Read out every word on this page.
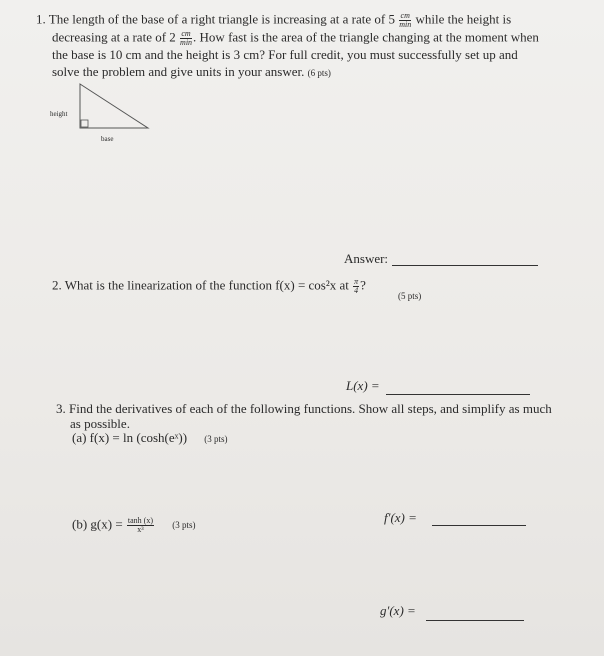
1. The length of the base of a right triangle is increasing at a rate of $5 \frac{cm}{\min}$ while the height is
decreasing at a rate of $2 \frac{cm}{\min}$ . How fast is the area of the triangle changing at the moment when
the base is 10 cm and the height is 3 cm? For full credit, you must successfully set up and
solve the problem and give units in your answer. (6 pts)
height
base
Answer:
2. What is the linearization of the function f(x) = cos²x at $\frac{\pi}{4}$ ?
(5 pts)
L(x) =
3. Find the derivatives of each of the following functions. Show all steps, and simplify as much
as possible.
(a) f(x) = ln (cosh(eˣ)) (3 pts)
f′(x) =
(b) $g(x) = \frac{\tanh (x)}{\text{x³}} (3$ pts)
g′(x) =
